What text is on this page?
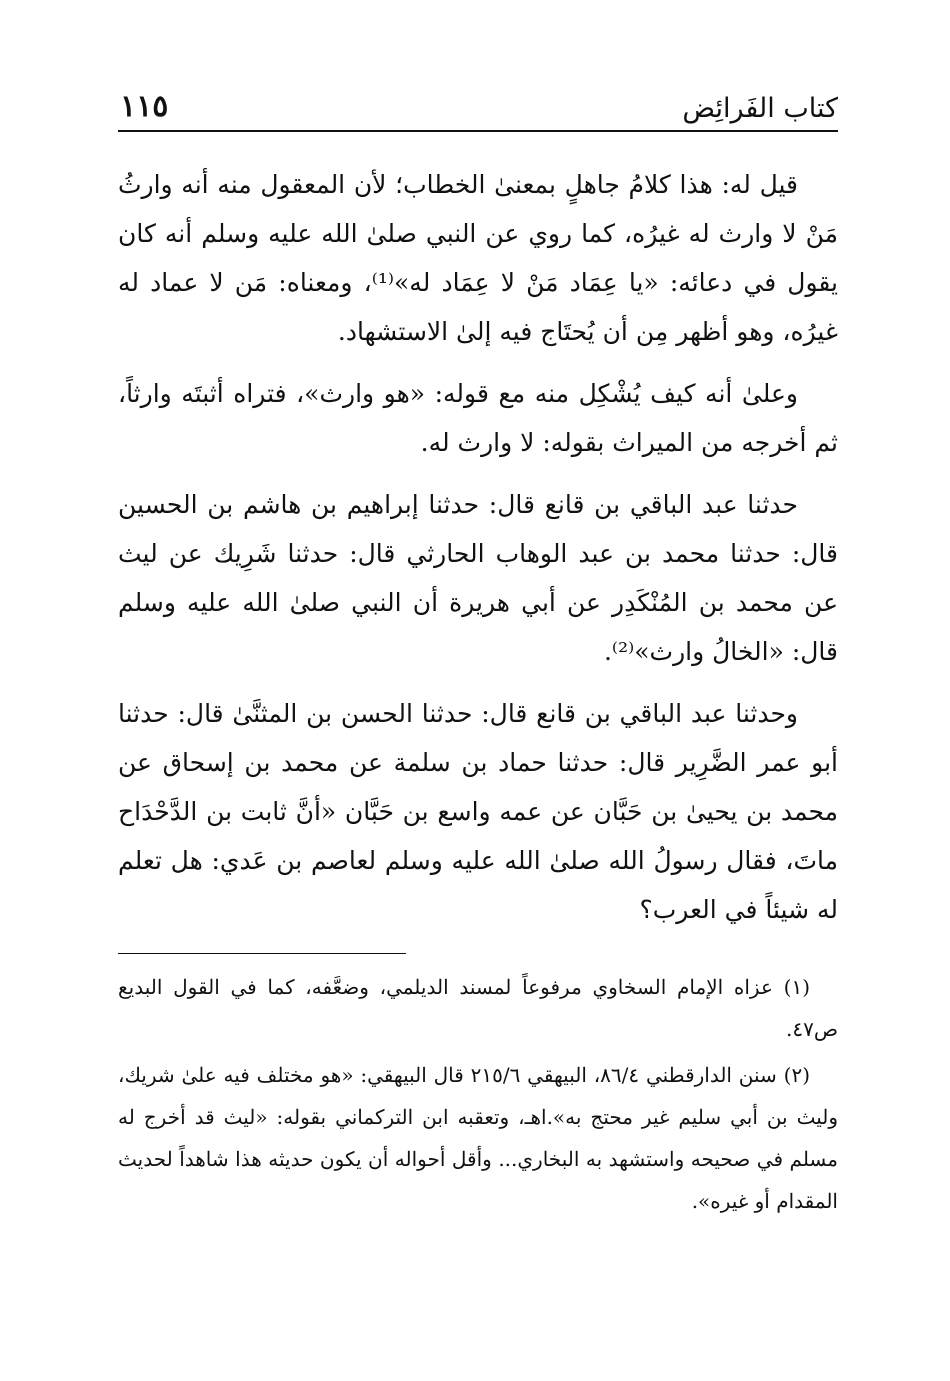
كتاب الفَرائِض
١١٥

قيل له: هذا كلامُ جاهلٍ بمعنىٰ الخطاب؛ لأن المعقول منه أنه وارثُ مَنْ لا وارث له غيرُه، كما روي عن النبي صلىٰ الله عليه وسلم أنه كان يقول في دعائه: «يا عِمَاد مَنْ لا عِمَاد له»⁽¹⁾، ومعناه: مَن لا عماد له غيرُه، وهو أظهر مِن أن يُحتَاج فيه إلىٰ الاستشهاد.

وعلىٰ أنه كيف يُشْكِل منه مع قوله: «هو وارث»، فتراه أثبتَه وارثاً، ثم أخرجه من الميراث بقوله: لا وارث له.

حدثنا عبد الباقي بن قانع قال: حدثنا إبراهيم بن هاشم بن الحسين قال: حدثنا محمد بن عبد الوهاب الحارثي قال: حدثنا شَرِيك عن ليث عن محمد بن المُنْكَدِر عن أبي هريرة أن النبي صلىٰ الله عليه وسلم قال: «الخالُ وارث»⁽²⁾.

وحدثنا عبد الباقي بن قانع قال: حدثنا الحسن بن المثنَّىٰ قال: حدثنا أبو عمر الضَّرِير قال: حدثنا حماد بن سلمة عن محمد بن إسحاق عن محمد بن يحيىٰ بن حَبَّان عن عمه واسع بن حَبَّان «أنَّ ثابت بن الدَّحْدَاح ماتَ، فقال رسولُ الله صلىٰ الله عليه وسلم لعاصم بن عَدي: هل تعلم له شيئاً في العرب؟

(١) عزاه الإمام السخاوي مرفوعاً لمسند الديلمي، وضعَّفه، كما في القول البديع ص٤٧.

(٢) سنن الدارقطني ٨٦/٤، البيهقي ٢١٥/٦ قال البيهقي: «هو مختلف فيه علىٰ شريك، وليث بن أبي سليم غير محتج به».اهـ، وتعقبه ابن التركماني بقوله: «ليث قد أخرج له مسلم في صحيحه واستشهد به البخاري... وأقل أحواله أن يكون حديثه هذا شاهداً لحديث المقدام أو غيره».
